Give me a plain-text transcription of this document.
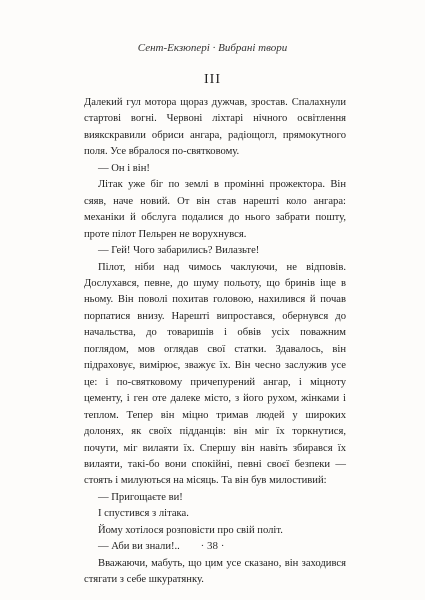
Сент-Екзюпері · Вибрані твори
III

Далекий гул мотора щораз дужчав, зростав. Спалахнули стартові вогні. Червоні ліхтарі нічного освітлення виякскравили обриси ангара, радіощогл, прямокутного поля. Усе вбралося по-святковому.

— Он і він!

Літак уже біг по землі в промінні прожектора. Він сяяв, наче новий. От він став нарешті коло ангара: механіки й обслуга подалися до нього забрати пошту, проте пілот Пельрен не ворухнувся.

— Гей! Чого забарились? Вилазьте!

Пілот, ніби над чимось чаклуючи, не відповів. Дослухався, певне, до шуму польоту, що бринів іще в ньому. Він поволі похитав головою, нахилився й почав порпатися внизу. Нарешті випростався, обернувся до начальства, до товаришів і обвів усіх поважним поглядом, мов оглядав свої статки. Здавалось, він підраховує, вимірює, зважує їх. Він чесно заслужив усе це: і по-святковому причепурений ангар, і міцноту цементу, і ген оте далеке місто, з його рухом, жінками і теплом. Тепер він міцно тримав людей у широких долонях, як своїх підданців: він міг їх торкнутися, почути, міг вилаяти їх. Спершу він навіть збирався їх вилаяти, такі-бо вони спокійні, певні своєї безпеки — стоять і милуються на місяць. Та він був милостивий:

— Пригощаєте ви!

І спустився з літака.

Йому хотілося розповісти про свій політ.

— Аби ви знали!..

Вважаючи, мабуть, що цим усе сказано, він заходився стягати з себе шкуратянку.

· 38 ·
